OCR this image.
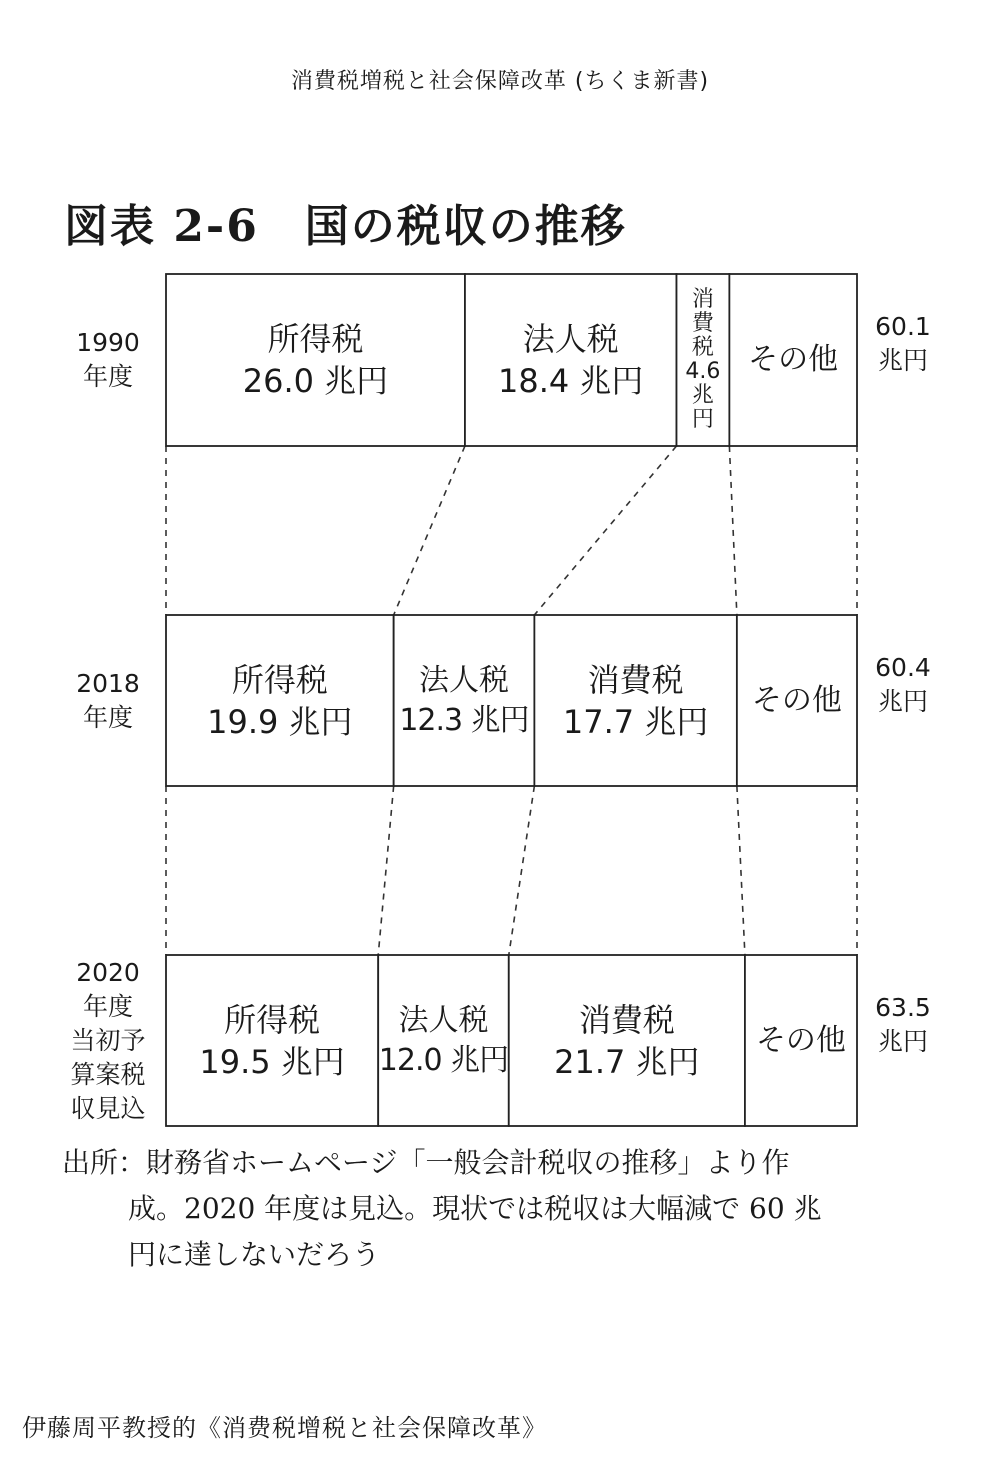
消費税増税と社会保障改革 (ちくま新書)
図表 2-6　国の税収の推移
所得税
26.0 兆円
法人税
18.4 兆円
消
費
税
4.6
兆
円
その他
1990
年度
60.1
兆円
所得税
19.9 兆円
法人税
12.3 兆円
消費税
17.7 兆円
その他
2018
年度
60.4
兆円
所得税
19.5 兆円
法人税
12.0 兆円
消費税
21.7 兆円
その他
2020
年度
当初予
算案税
収見込
63.5
兆円
出所：財務省ホームページ「一般会計税収の推移」より作
成。2020 年度は見込。現状では税収は大幅減で 60 兆
円に達しないだろう
伊藤周平教授的《消费税增税と社会保障改革》
